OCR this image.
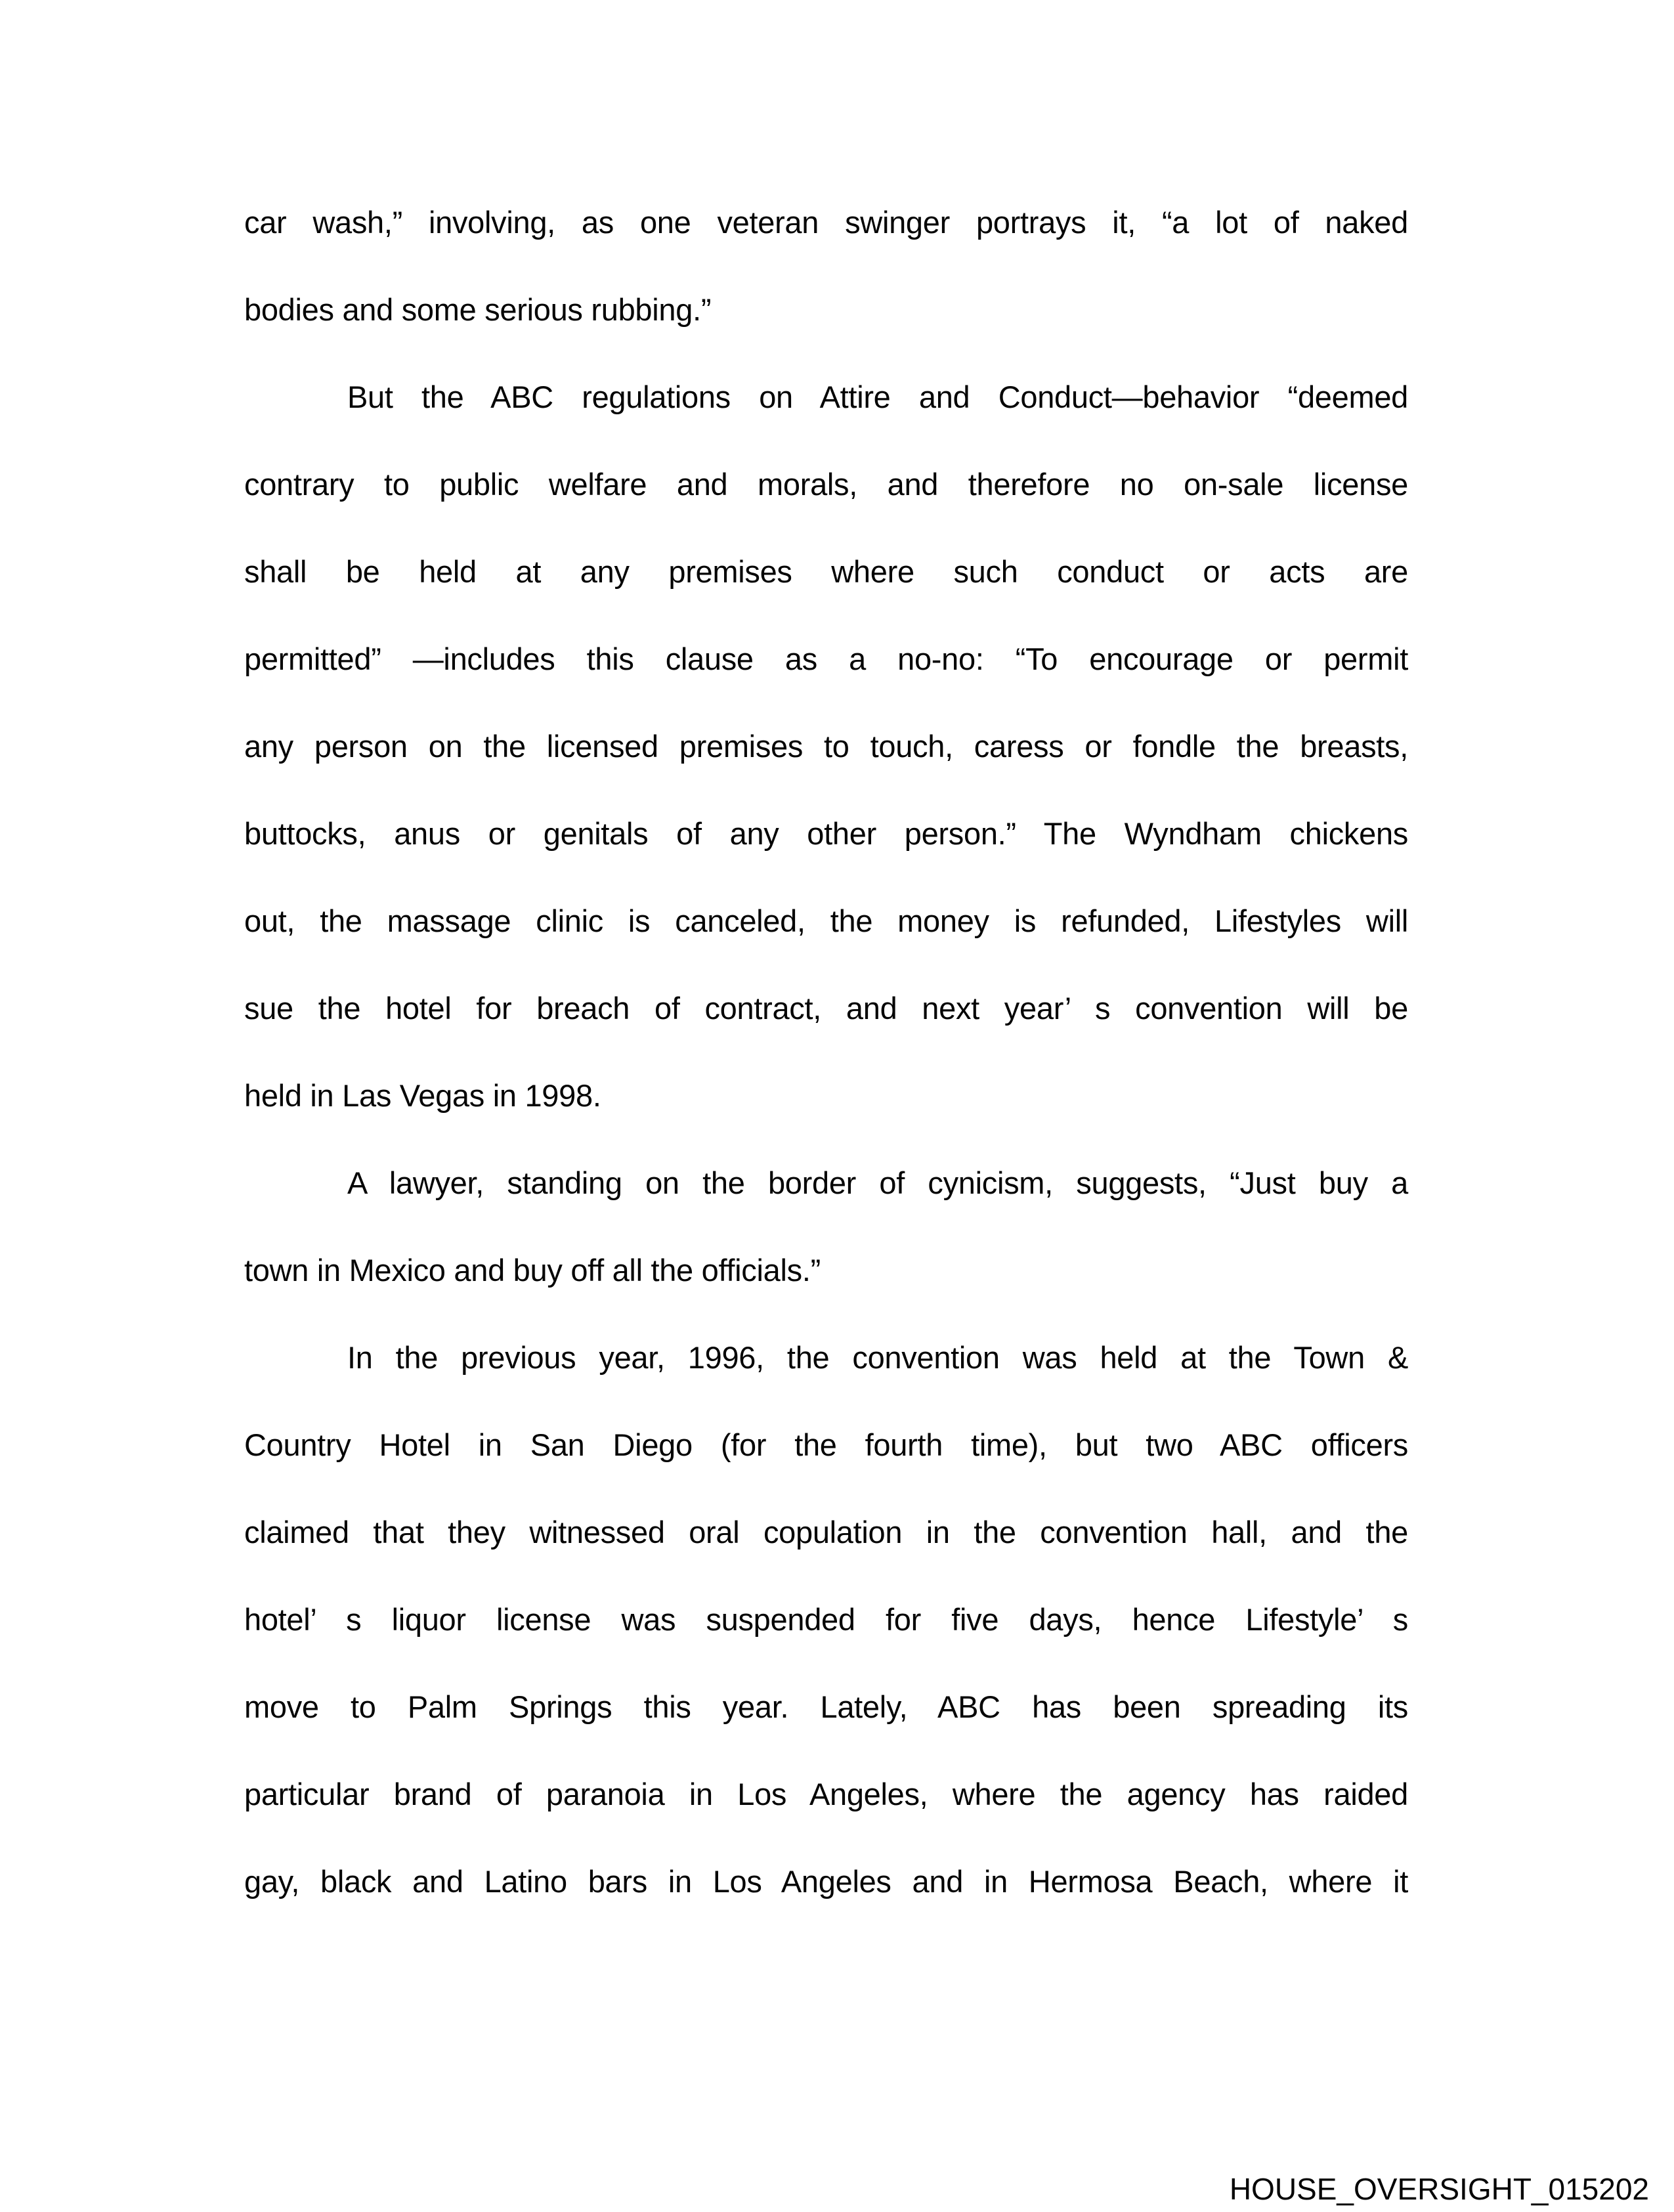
car wash,” involving, as one veteran swinger portrays it, “a lot of naked
bodies and some serious rubbing.”
But the ABC regulations on Attire and Conduct—behavior “deemed
contrary to public welfare and morals, and therefore no on-sale license
shall be held at any premises where such conduct or acts are
permitted” —includes this clause as a no-no: “To encourage or permit
any person on the licensed premises to touch, caress or fondle the breasts,
buttocks, anus or genitals of any other person.” The Wyndham chickens
out, the massage clinic is canceled, the money is refunded, Lifestyles will
sue the hotel for breach of contract, and next year’ s convention will be
held in Las Vegas in 1998.
A lawyer, standing on the border of cynicism, suggests, “Just buy a
town in Mexico and buy off all the officials.”
In the previous year, 1996, the convention was held at the Town &
Country Hotel in San Diego (for the fourth time), but two ABC officers
claimed that they witnessed oral copulation in the convention hall, and the
hotel’ s liquor license was suspended for five days, hence Lifestyle’ s
move to Palm Springs this year. Lately, ABC has been spreading its
particular brand of paranoia in Los Angeles, where the agency has raided
gay, black and Latino bars in Los Angeles and in Hermosa Beach, where it
HOUSE_OVERSIGHT_015202
